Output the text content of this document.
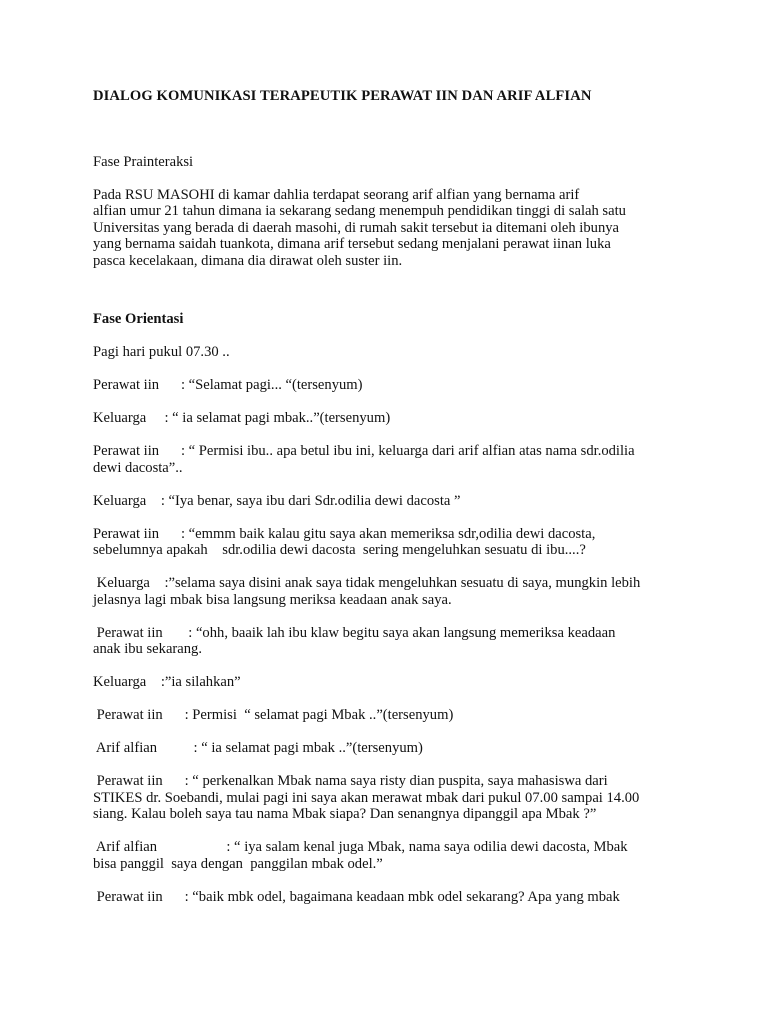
DIALOG KOMUNIKASI TERAPEUTIK PERAWAT IIN DAN ARIF ALFIAN

Fase Prainteraksi

Pada RSU MASOHI di kamar dahlia terdapat seorang arif alfian yang bernama arif

alfian umur 21 tahun dimana ia sekarang sedang menempuh pendidikan tinggi di salah satu

Universitas yang berada di daerah masohi, di rumah sakit tersebut ia ditemani oleh ibunya

yang bernama saidah tuankota, dimana arif tersebut sedang menjalani perawat iinan luka

pasca kecelakaan, dimana dia dirawat oleh suster iin.

Fase Orientasi

Pagi hari pukul 07.30 ..

Perawat iin      : “Selamat pagi... “(tersenyum)

Keluarga     : “ ia selamat pagi mbak..”(tersenyum)

Perawat iin      : “ Permisi ibu.. apa betul ibu ini, keluarga dari arif alfian atas nama sdr.odilia

dewi dacosta”..

Keluarga    : “Iya benar, saya ibu dari Sdr.odilia dewi dacosta ”

Perawat iin      : “emmm baik kalau gitu saya akan memeriksa sdr,odilia dewi dacosta,

sebelumnya apakah    sdr.odilia dewi dacosta  sering mengeluhkan sesuatu di ibu....?

Keluarga    :”selama saya disini anak saya tidak mengeluhkan sesuatu di saya, mungkin lebih

jelasnya lagi mbak bisa langsung meriksa keadaan anak saya.

Perawat iin       : “ohh, baaik lah ibu klaw begitu saya akan langsung memeriksa keadaan

anak ibu sekarang.

Keluarga    :”ia silahkan”

Perawat iin      : Permisi  “ selamat pagi Mbak ..”(tersenyum)

Arif alfian          : “ ia selamat pagi mbak ..”(tersenyum)

Perawat iin      : “ perkenalkan Mbak nama saya risty dian puspita, saya mahasiswa dari

STIKES dr. Soebandi, mulai pagi ini saya akan merawat mbak dari pukul 07.00 sampai 14.00

siang. Kalau boleh saya tau nama Mbak siapa? Dan senangnya dipanggil apa Mbak ?”

Arif alfian                   : “ iya salam kenal juga Mbak, nama saya odilia dewi dacosta, Mbak

bisa panggil  saya dengan  panggilan mbak odel.”

Perawat iin      : “baik mbk odel, bagaimana keadaan mbk odel sekarang? Apa yang mbak
